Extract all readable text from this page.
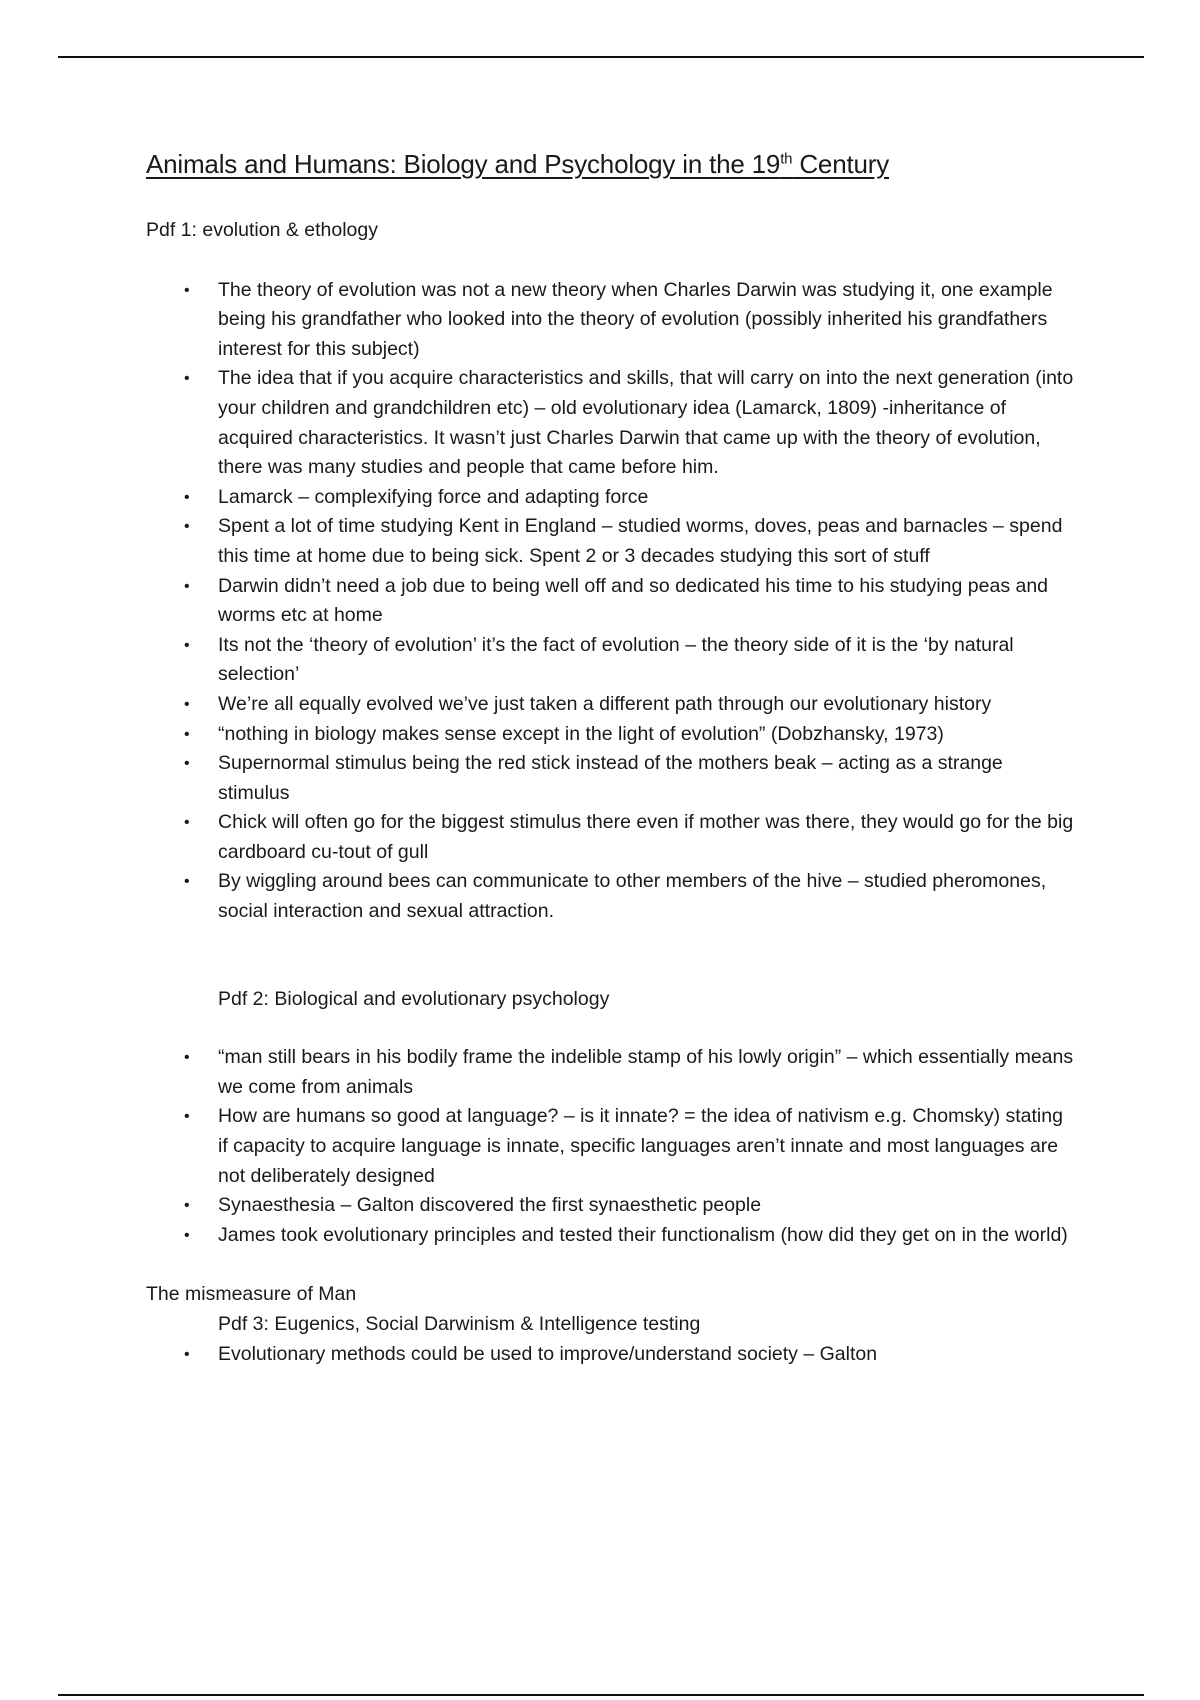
Animals and Humans: Biology and Psychology in the 19th Century

Pdf 1: evolution & ethology

• The theory of evolution was not a new theory when Charles Darwin was studying it, one example being his grandfather who looked into the theory of evolution (possibly inherited his grandfathers interest for this subject)
• The idea that if you acquire characteristics and skills, that will carry on into the next generation (into your children and grandchildren etc) – old evolutionary idea (Lamarck, 1809) -inheritance of acquired characteristics. It wasn’t just Charles Darwin that came up with the theory of evolution, there was many studies and people that came before him.
• Lamarck – complexifying force and adapting force
• Spent a lot of time studying Kent in England – studied worms, doves, peas and barnacles – spend this time at home due to being sick. Spent 2 or 3 decades studying this sort of stuff
• Darwin didn’t need a job due to being well off and so dedicated his time to his studying peas and worms etc at home
• Its not the ‘theory of evolution’ it’s the fact of evolution – the theory side of it is the ‘by natural selection’
• We’re all equally evolved we’ve just taken a different path through our evolutionary history
• “nothing in biology makes sense except in the light of evolution” (Dobzhansky, 1973)
• Supernormal stimulus being the red stick instead of the mothers beak – acting as a strange stimulus
• Chick will often go for the biggest stimulus there even if mother was there, they would go for the big cardboard cu-tout of gull
• By wiggling around bees can communicate to other members of the hive – studied pheromones, social interaction and sexual attraction.

Pdf 2: Biological and evolutionary psychology

• “man still bears in his bodily frame the indelible stamp of his lowly origin” – which essentially means we come from animals
• How are humans so good at language? – is it innate? = the idea of nativism e.g. Chomsky) stating if capacity to acquire language is innate, specific languages aren’t innate and most languages are not deliberately designed
• Synaesthesia – Galton discovered the first synaesthetic people
• James took evolutionary principles and tested their functionalism (how did they get on in the world)

The mismeasure of Man

Pdf 3: Eugenics, Social Darwinism & Intelligence testing

• Evolutionary methods could be used to improve/understand society – Galton
